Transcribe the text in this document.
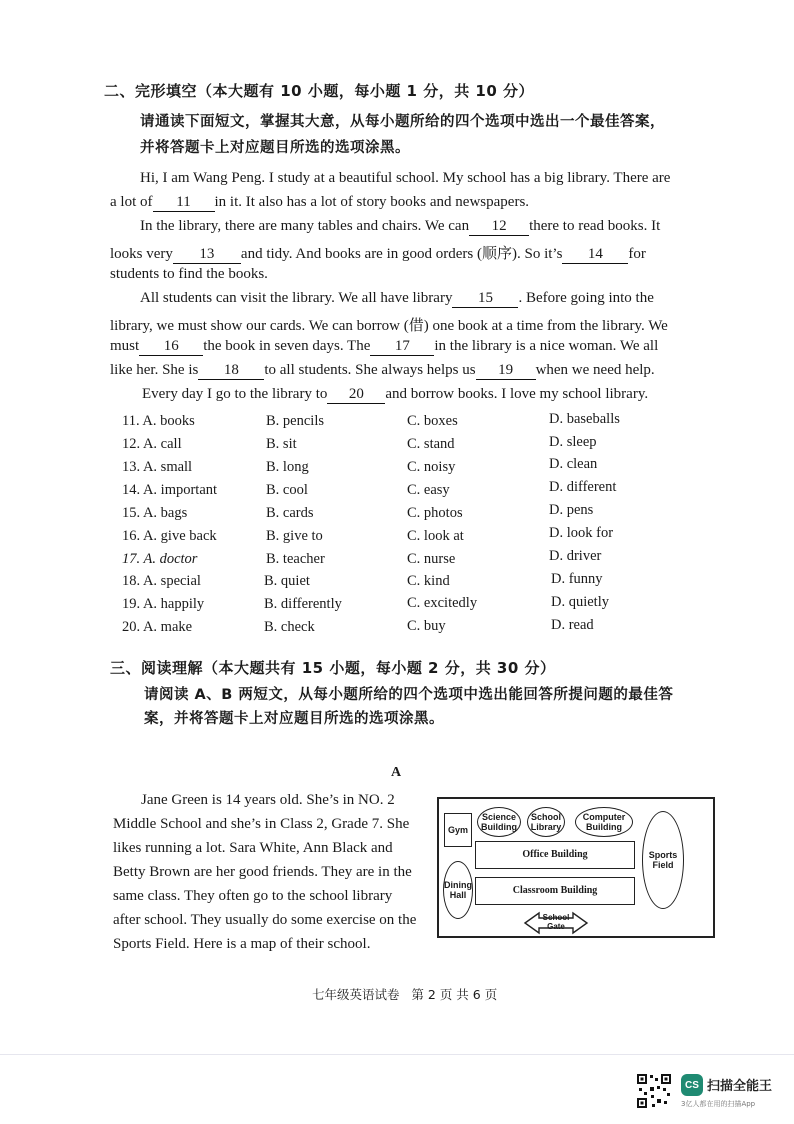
二、完形填空（本大题有 10 小题，每小题 1 分，共 10 分）
请通读下面短文，掌握其大意，从每小题所给的四个选项中选出一个最佳答案，
并将答题卡上对应题目所选的选项涂黑。
Hi, I am Wang Peng. I study at a beautiful school. My school has a big library. There are
a lot of 11 in it. It also has a lot of story books and newspapers.
In the library, there are many tables and chairs. We can 12 there to read books. It
looks very 13 and tidy. And books are in good orders (顺序). So it’s 14 for
students to find the books.
All students can visit the library. We all have library 15 . Before going into the
library, we must show our cards. We can borrow (借) one book at a time from the library. We
must 16 the book in seven days. The 17 in the library is a nice woman. We all
like her. She is 18 to all students. She always helps us 19 when we need help.
Every day I go to the library to 20 and borrow books. I love my school library.
11. A. books	B. pencils	C. boxes	D. baseballs
12. A. call	B. sit	C. stand	D. sleep
13. A. small	B. long	C. noisy	D. clean
14. A. important	B. cool	C. easy	D. different
15. A. bags	B. cards	C. photos	D. pens
16. A. give back	B. give to	C. look at	D. look for
17. A. doctor	B. teacher	C. nurse	D. driver
18. A. special	B. quiet	C. kind	D. funny
19. A. happily	B. differently	C. excitedly	D. quietly
20. A. make	B. check	C. buy	D. read
三、阅读理解（本大题共有 15 小题，每小题 2 分，共 30 分）
请阅读 A、B 两短文，从每小题所给的四个选项中选出能回答所提问题的最佳答
案，并将答题卡上对应题目所选的选项涂黑。
A
Jane Green is 14 years old. She’s in NO. 2
Middle School and she’s in Class 2, Grade 7. She
likes running a lot. Sara White, Ann Black and
Betty Brown are her good friends. They are in the
same class. They often go to the school library
after school. They usually do some exercise on the
Sports Field. Here is a map of their school.
Gym
Science
Building
School
Library
Computer
Building
Office Building
Classroom Building
Dining
Hall
Sports
Field
School
Gate
七年级英语试卷   第 2 页 共 6 页
CS 扫描全能王
3亿人都在用的扫描App
